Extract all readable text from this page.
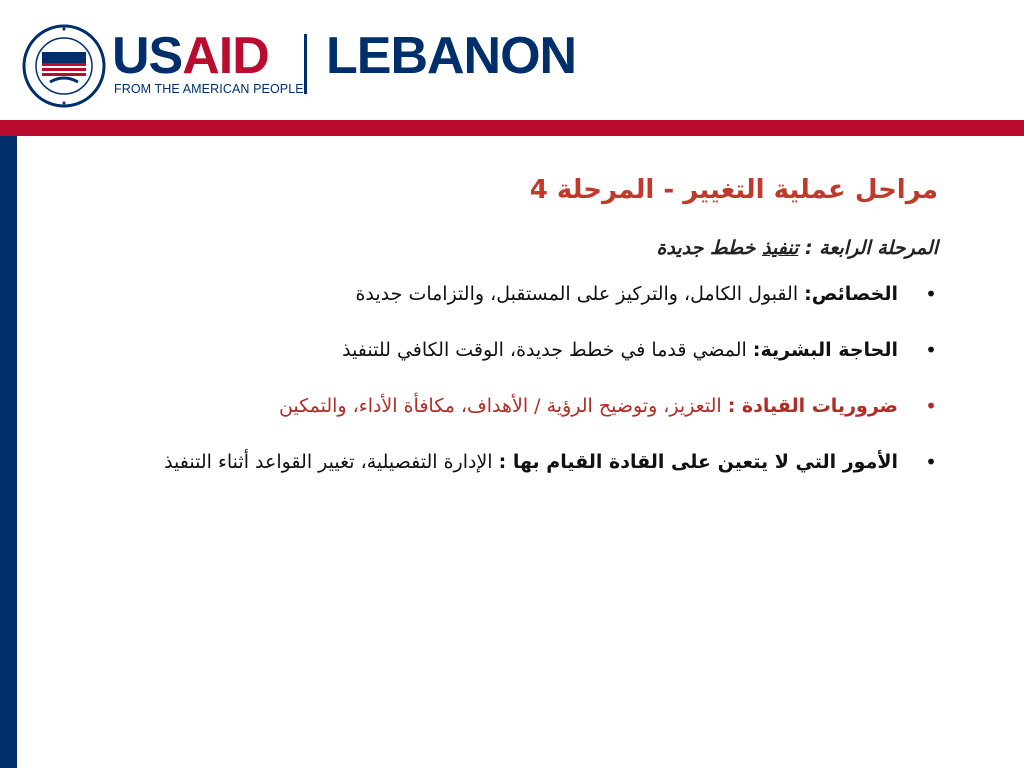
USAID
FROM THE AMERICAN PEOPLE
LEBANON
مراحل عملية التغيير - المرحلة 4
المرحلة الرابعة : تنفيذ خطط جديدة
•
الخصائص: القبول الكامل، والتركيز على المستقبل، والتزامات جديدة
•
الحاجة البشرية: المضي قدما في خطط جديدة، الوقت الكافي للتنفيذ
•
ضروريات القيادة : التعزيز، وتوضيح الرؤية / الأهداف، مكافأة الأداء، والتمكين
•
الأمور التي لا يتعين على القادة القيام بها : الإدارة التفصيلية، تغيير القواعد أثناء التنفيذ
